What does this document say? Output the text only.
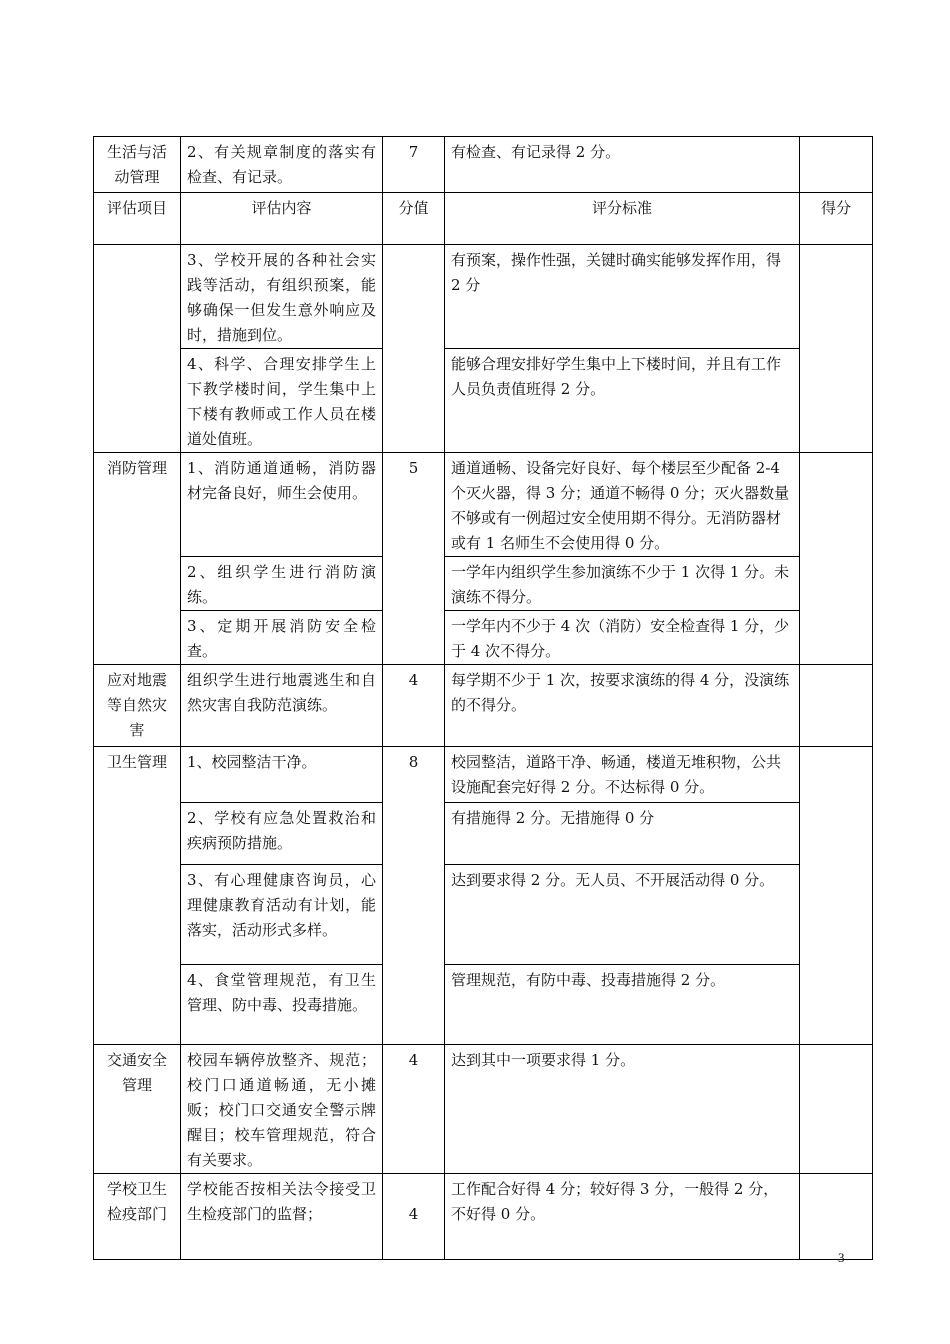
生活与活动管理	2、有关规章制度的落实有检查、有记录。	7	有检查、有记录得 2 分。	
评估项目	评估内容	分值	评分标准	得分
	3、学校开展的各种社会实践等活动，有组织预案，能够确保一但发生意外响应及时，措施到位。		有预案，操作性强，关键时确实能够发挥作用，得 2 分	
	4、科学、合理安排学生上下教学楼时间，学生集中上下楼有教师或工作人员在楼道处值班。		能够合理安排好学生集中上下楼时间，并且有工作人员负责值班得 2 分。	
消防管理	1、消防通道通畅，消防器材完备良好，师生会使用。	5	通道通畅、设备完好良好、每个楼层至少配备 2-4 个灭火器，得 3 分；通道不畅得 0 分；灭火器数量不够或有一例超过安全使用期不得分。无消防器材或有 1 名师生不会使用得 0 分。	
	2、组织学生进行消防演练。		一学年内组织学生参加演练不少于 1 次得 1 分。未演练不得分。	
	3、定期开展消防安全检查。		一学年内不少于 4 次（消防）安全检查得 1 分，少于 4 次不得分。	
应对地震等自然灾害	组织学生进行地震逃生和自然灾害自我防范演练。	4	每学期不少于 1 次，按要求演练的得 4 分，没演练的不得分。	
卫生管理	1、校园整洁干净。	8	校园整洁，道路干净、畅通，楼道无堆积物，公共设施配套完好得 2 分。不达标得 0 分。	
	2、学校有应急处置救治和疾病预防措施。		有措施得 2 分。无措施得 0 分	
	3、有心理健康咨询员，心理健康教育活动有计划，能落实，活动形式多样。		达到要求得 2 分。无人员、不开展活动得 0 分。	
	4、食堂管理规范，有卫生管理、防中毒、投毒措施。		管理规范，有防中毒、投毒措施得 2 分。	
交通安全管理	校园车辆停放整齐、规范；校门口通道畅通，无小摊贩；校门口交通安全警示牌醒目；校车管理规范，符合有关要求。	4	达到其中一项要求得 1 分。	
学校卫生检疫部门	学校能否按相关法令接受卫生检疫部门的监督；	4	工作配合好得 4 分；较好得 3 分，一般得 2 分，不好得 0 分。	
3
